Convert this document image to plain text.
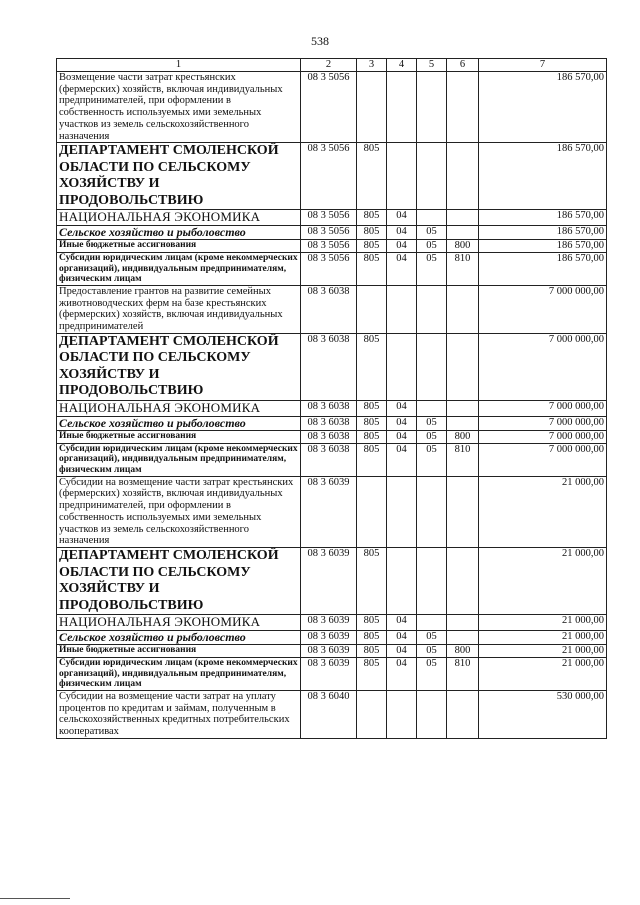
538
1	2	3	4	5	6	7
Возмещение части затрат крестьянских (фермерских) хозяйств, включая индивидуальных предпринимателей, при оформлении в собственность используемых ими земельных участков из земель сельскохозяйственного назначения	08 3 5056					186 570,00
ДЕПАРТАМЕНТ СМОЛЕНСКОЙ ОБЛАСТИ ПО СЕЛЬСКОМУ ХОЗЯЙСТВУ И ПРОДОВОЛЬСТВИЮ	08 3 5056	805				186 570,00
НАЦИОНАЛЬНАЯ ЭКОНОМИКА	08 3 5056	805	04			186 570,00
Сельское хозяйство и рыболовство	08 3 5056	805	04	05		186 570,00
Иные бюджетные ассигнования	08 3 5056	805	04	05	800	186 570,00
Субсидии юридическим лицам (кроме некоммерческих организаций), индивидуальным предпринимателям, физическим лицам	08 3 5056	805	04	05	810	186 570,00
Предоставление грантов на развитие семейных животноводческих ферм на базе крестьянских (фермерских) хозяйств, включая индивидуальных предпринимателей	08 3 6038					7 000 000,00
ДЕПАРТАМЕНТ СМОЛЕНСКОЙ ОБЛАСТИ ПО СЕЛЬСКОМУ ХОЗЯЙСТВУ И ПРОДОВОЛЬСТВИЮ	08 3 6038	805				7 000 000,00
НАЦИОНАЛЬНАЯ ЭКОНОМИКА	08 3 6038	805	04			7 000 000,00
Сельское хозяйство и рыболовство	08 3 6038	805	04	05		7 000 000,00
Иные бюджетные ассигнования	08 3 6038	805	04	05	800	7 000 000,00
Субсидии юридическим лицам (кроме некоммерческих организаций), индивидуальным предпринимателям, физическим лицам	08 3 6038	805	04	05	810	7 000 000,00
Субсидии на возмещение части затрат крестьянских (фермерских) хозяйств, включая индивидуальных предпринимателей, при оформлении в собственность используемых ими земельных участков из земель сельскохозяйственного назначения	08 3 6039					21 000,00
ДЕПАРТАМЕНТ СМОЛЕНСКОЙ ОБЛАСТИ ПО СЕЛЬСКОМУ ХОЗЯЙСТВУ И ПРОДОВОЛЬСТВИЮ	08 3 6039	805				21 000,00
НАЦИОНАЛЬНАЯ ЭКОНОМИКА	08 3 6039	805	04			21 000,00
Сельское хозяйство и рыболовство	08 3 6039	805	04	05		21 000,00
Иные бюджетные ассигнования	08 3 6039	805	04	05	800	21 000,00
Субсидии юридическим лицам (кроме некоммерческих организаций), индивидуальным предпринимателям, физическим лицам	08 3 6039	805	04	05	810	21 000,00
Субсидии на возмещение части затрат на уплату процентов по кредитам и займам, полученным в сельскохозяйственных кредитных потребительских кооперативах	08 3 6040					530 000,00
